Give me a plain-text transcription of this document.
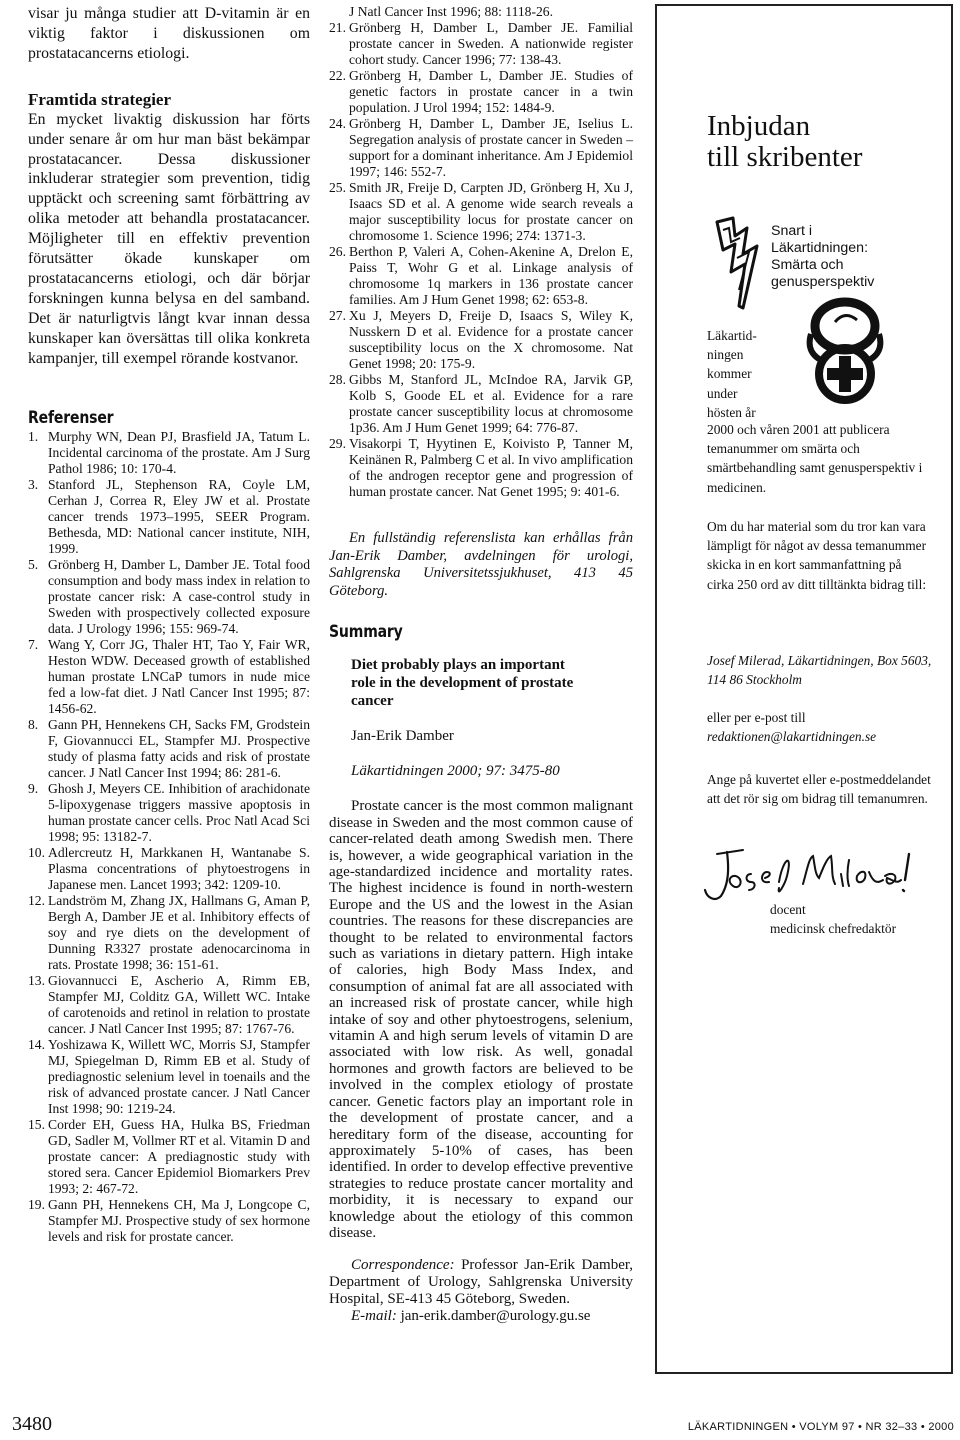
visar ju många studier att D-vitamin är en viktig faktor i diskussionen om prostatacancerns etiologi.

Framtida strategier

En mycket livaktig diskussion har förts under senare år om hur man bäst bekämpar prostatacancer. Dessa diskussioner inkluderar strategier som prevention, tidig upptäckt och screening samt förbättring av olika metoder att behandla prostatacancer. Möjligheter till en effektiv prevention förutsätter ökade kunskaper om prostatacancerns etiologi, och där börjar forskningen kunna belysa en del samband. Det är naturligtvis långt kvar innan dessa kunskaper kan översättas till olika konkreta kampanjer, till exempel rörande kostvanor.

Referenser
1. Murphy WN, Dean PJ, Brasfield JA, Tatum L. Incidental carcinoma of the prostate. Am J Surg Pathol 1986; 10: 170-4.
3. Stanford JL, Stephenson RA, Coyle LM, Cerhan J, Correa R, Eley JW et al. Prostate cancer trends 1973–1995, SEER Program. Bethesda, MD: National cancer institute, NIH, 1999.
5. Grönberg H, Damber L, Damber JE. Total food consumption and body mass index in relation to prostate cancer risk: A case-control study in Sweden with prospectively collected exposure data. J Urology 1996; 155: 969-74.
7. Wang Y, Corr JG, Thaler HT, Tao Y, Fair WR, Heston WDW. Deceased growth of established human prostate LNCaP tumors in nude mice fed a low-fat diet. J Natl Cancer Inst 1995; 87: 1456-62.
8. Gann PH, Hennekens CH, Sacks FM, Grodstein F, Giovannucci EL, Stampfer MJ. Prospective study of plasma fatty acids and risk of prostate cancer. J Natl Cancer Inst 1994; 86: 281-6.
9. Ghosh J, Meyers CE. Inhibition of arachidonate 5-lipoxygenase triggers massive apoptosis in human prostate cancer cells. Proc Natl Acad Sci 1998; 95: 13182-7.
10. Adlercreutz H, Markkanen H, Wantanabe S. Plasma concentrations of phytoestrogens in Japanese men. Lancet 1993; 342: 1209-10.
12. Landström M, Zhang JX, Hallmans G, Aman P, Bergh A, Damber JE et al. Inhibitory effects of soy and rye diets on the development of Dunning R3327 prostate adenocarcinoma in rats. Prostate 1998; 36: 151-61.
13. Giovannucci E, Ascherio A, Rimm EB, Stampfer MJ, Colditz GA, Willett WC. Intake of carotenoids and retinol in relation to prostate cancer. J Natl Cancer Inst 1995; 87: 1767-76.
14. Yoshizawa K, Willett WC, Morris SJ, Stampfer MJ, Spiegelman D, Rimm EB et al. Study of prediagnostic selenium level in toenails and the risk of advanced prostate cancer. J Natl Cancer Inst 1998; 90: 1219-24.
15. Corder EH, Guess HA, Hulka BS, Friedman GD, Sadler M, Vollmer RT et al. Vitamin D and prostate cancer: A prediagnostic study with stored sera. Cancer Epidemiol Biomarkers Prev 1993; 2: 467-72.
19. Gann PH, Hennekens CH, Ma J, Longcope C, Stampfer MJ. Prospective study of sex hormone levels and risk for prostate cancer.
J Natl Cancer Inst 1996; 88: 1118-26.
21. Grönberg H, Damber L, Damber JE. Familial prostate cancer in Sweden. A nationwide register cohort study. Cancer 1996; 77: 138-43.
22. Grönberg H, Damber L, Damber JE. Studies of genetic factors in prostate cancer in a twin population. J Urol 1994; 152: 1484-9.
24. Grönberg H, Damber L, Damber JE, Iselius L. Segregation analysis of prostate cancer in Sweden – support for a dominant inheritance. Am J Epidemiol 1997; 146: 552-7.
25. Smith JR, Freije D, Carpten JD, Grönberg H, Xu J, Isaacs SD et al. A genome wide search reveals a major susceptibility locus for prostate cancer on chromosome 1. Science 1996; 274: 1371-3.
26. Berthon P, Valeri A, Cohen-Akenine A, Drelon E, Paiss T, Wohr G et al. Linkage analysis of chromosome 1q markers in 136 prostate cancer families. Am J Hum Genet 1998; 62: 653-8.
27. Xu J, Meyers D, Freije D, Isaacs S, Wiley K, Nusskern D et al. Evidence for a prostate cancer susceptibility locus on the X chromosome. Nat Genet 1998; 20: 175-9.
28. Gibbs M, Stanford JL, McIndoe RA, Jarvik GP, Kolb S, Goode EL et al. Evidence for a rare prostate cancer susceptibility locus at chromosome 1p36. Am J Hum Genet 1999; 64: 776-87.
29. Visakorpi T, Hyytinen E, Koivisto P, Tanner M, Keinänen R, Palmberg C et al. In vivo amplification of the androgen receptor gene and progression of human prostate cancer. Nat Genet 1995; 9: 401-6.

En fullständig referenslista kan erhållas från Jan-Erik Damber, avdelningen för urologi, Sahlgrenska Universitetssjukhuset, 413 45 Göteborg.

Summary

Diet probably plays an important role in the development of prostate cancer

Jan-Erik Damber

Läkartidningen 2000; 97: 3475-80

Prostate cancer is the most common malignant disease in Sweden and the most common cause of cancer-related death among Swedish men. There is, however, a wide geographical variation in the age-standardized incidence and mortality rates. The highest incidence is found in north-western Europe and the US and the lowest in the Asian countries. The reasons for these discrepancies are thought to be related to environmental factors such as variations in dietary pattern. High intake of calories, high Body Mass Index, and consumption of animal fat are all associated with an increased risk of prostate cancer, while high intake of soy and other phytoestrogens, selenium, vitamin A and high serum levels of vitamin D are associated with low risk. As well, gonadal hormones and growth factors are believed to be involved in the complex etiology of prostate cancer. Genetic factors play an important role in the development of prostate cancer, and a hereditary form of the disease, accounting for approximately 5-10% of cases, has been identified. In order to develop effective preventive strategies to reduce prostate cancer mortality and morbidity, it is necessary to expand our knowledge about the etiology of this common disease.

Correspondence: Professor Jan-Erik Damber, Department of Urology, Sahlgrenska University Hospital, SE-413 45 Göteborg, Sweden.
E-mail: jan-erik.damber@urology.gu.se

Inbjudan
till skribenter

Snart i
Läkartidningen:
Smärta och
genusperspektiv

Läkartid-
ningen
kommer
under
hösten år

2000 och våren 2001 att publicera temanummer om smärta och smärtbehandling samt genusperspektiv i medicinen.

Om du har material som du tror kan vara lämpligt för något av dessa temanummer skicka in en kort sammanfattning på cirka 250 ord av ditt tilltänkta bidrag till:

Josef Milerad, Läkartidningen, Box 5603, 114 86 Stockholm

eller per e-post till
redaktionen@lakartidningen.se

Ange på kuvertet eller e-postmeddelandet att det rör sig om bidrag till temanumren.

docent
medicinsk chefredaktör

3480	LÄKARTIDNINGEN • VOLYM 97 • NR 32–33 • 2000
